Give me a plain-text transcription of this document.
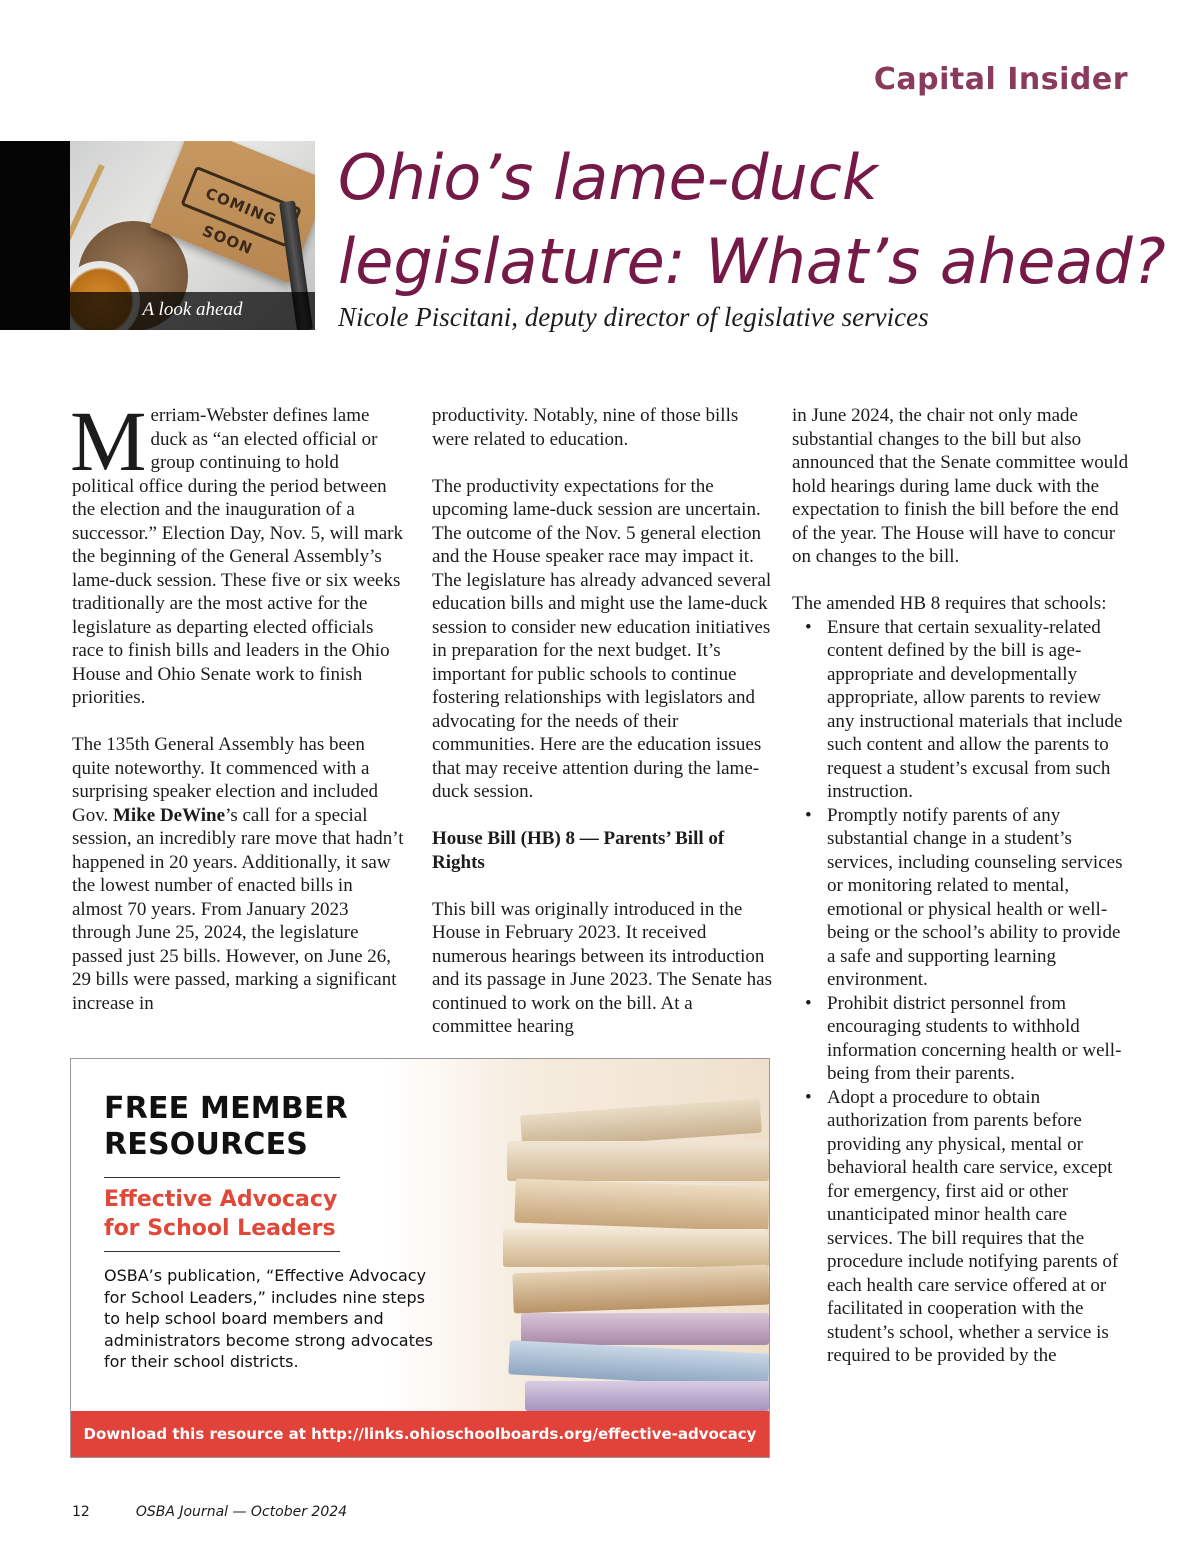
Capital Insider
COMING SOON
A look ahead
Ohio’s lame-duck legislature: What’s ahead?

Nicole Piscitani, deputy director of legislative services

Merriam-Webster defines lame duck as “an elected official or group continuing to hold political office during the period between the election and the inauguration of a successor.” Election Day, Nov. 5, will mark the beginning of the General Assembly’s lame-duck session. These five or six weeks traditionally are the most active for the legislature as departing elected officials race to finish bills and leaders in the Ohio House and Ohio Senate work to finish priorities.

The 135th General Assembly has been quite noteworthy. It commenced with a surprising speaker election and included Gov. Mike DeWine’s call for a special session, an incredibly rare move that hadn’t happened in 20 years. Additionally, it saw the lowest number of enacted bills in almost 70 years. From January 2023 through June 25, 2024, the legislature passed just 25 bills. However, on June 26, 29 bills were passed, marking a significant increase in

productivity. Notably, nine of those bills were related to education.

The productivity expectations for the upcoming lame-duck session are uncertain. The outcome of the Nov. 5 general election and the House speaker race may impact it. The legislature has already advanced several education bills and might use the lame-duck session to consider new education initiatives in preparation for the next budget. It’s important for public schools to continue fostering relationships with legislators and advocating for the needs of their communities. Here are the education issues that may receive attention during the lame-duck session.

House Bill (HB) 8 — Parents’ Bill of Rights

This bill was originally introduced in the House in February 2023. It received numerous hearings between its introduction and its passage in June 2023. The Senate has continued to work on the bill. At a committee hearing

in June 2024, the chair not only made substantial changes to the bill but also announced that the Senate committee would hold hearings during lame duck with the expectation to finish the bill before the end of the year. The House will have to concur on changes to the bill.

The amended HB 8 requires that schools:

• Ensure that certain sexuality-related content defined by the bill is age-appropriate and developmentally appropriate, allow parents to review any instructional materials that include such content and allow the parents to request a student’s excusal from such instruction.
• Promptly notify parents of any substantial change in a student’s services, including counseling services or monitoring related to mental, emotional or physical health or well-being or the school’s ability to provide a safe and supporting learning environment.
• Prohibit district personnel from encouraging students to withhold information concerning health or well-being from their parents.
• Adopt a procedure to obtain authorization from parents before providing any physical, mental or behavioral health care service, except for emergency, first aid or other unanticipated minor health care services. The bill requires that the procedure include notifying parents of each health care service offered at or facilitated in cooperation with the student’s school, whether a service is required to be provided by the
FREE MEMBER
RESOURCES

Effective Advocacy
for School Leaders

OSBA’s publication, “Effective Advocacy for School Leaders,” includes nine steps to help school board members and administrators become strong advocates for their school districts.

Download this resource at http://links.ohioschoolboards.org/effective-advocacy
12	OSBA Journal — October 2024
